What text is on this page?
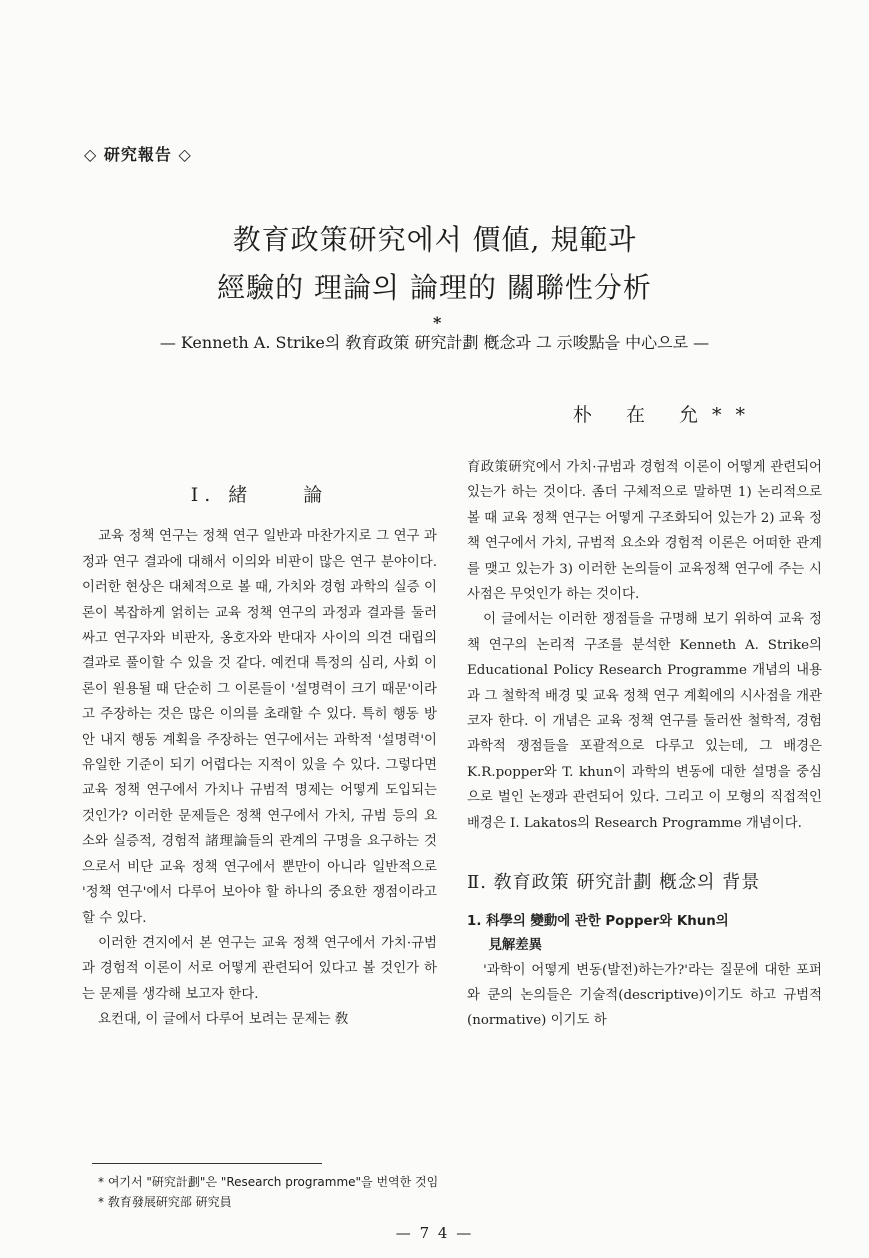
◇ 研究報告 ◇
教育政策研究에서 價値, 規範과
經驗的 理論의 論理的 關聯性分析
*
— Kenneth A. Strike의 敎育政策 硏究計劃 槪念과 그 示唆點을 中心으로 —
朴 在 允**
I. 緒　　論

교육 정책 연구는 정책 연구 일반과 마찬가지로 그 연구 과정과 연구 결과에 대해서 이의와 비판이 많은 연구 분야이다. 이러한 현상은 대체적으로 볼 때, 가치와 경험 과학의 실증 이론이 복잡하게 얽히는 교육 정책 연구의 과정과 결과를 둘러싸고 연구자와 비판자, 옹호자와 반대자 사이의 의견 대립의 결과로 풀이할 수 있을 것 같다. 예컨대 특정의 심리, 사회 이론이 원용될 때 단순히 그 이론들이 '설명력이 크기 때문'이라고 주장하는 것은 많은 이의를 초래할 수 있다. 특히 행동 방안 내지 행동 계획을 주장하는 연구에서는 과학적 '설명력'이 유일한 기준이 되기 어렵다는 지적이 있을 수 있다. 그렇다면 교육 정책 연구에서 가치나 규범적 명제는 어떻게 도입되는 것인가? 이러한 문제들은 정책 연구에서 가치, 규범 등의 요소와 실증적, 경험적 諸理論들의 관계의 구명을 요구하는 것으로서 비단 교육 정책 연구에서 뿐만이 아니라 일반적으로 '정책 연구'에서 다루어 보아야 할 하나의 중요한 쟁점이라고 할 수 있다.

이러한 견지에서 본 연구는 교육 정책 연구에서 가치·규범과 경험적 이론이 서로 어떻게 관련되어 있다고 볼 것인가 하는 문제를 생각해 보고자 한다.

요컨대, 이 글에서 다루어 보려는 문제는 敎

育政策硏究에서 가치·규범과 경험적 이론이 어떻게 관련되어 있는가 하는 것이다. 좀더 구체적으로 말하면 1) 논리적으로 볼 때 교육 정책 연구는 어떻게 구조화되어 있는가 2) 교육 정책 연구에서 가치, 규범적 요소와 경험적 이론은 어떠한 관계를 맺고 있는가 3) 이러한 논의들이 교육정책 연구에 주는 시사점은 무엇인가 하는 것이다.

이 글에서는 이러한 쟁점들을 규명해 보기 위하여 교육 정책 연구의 논리적 구조를 분석한 Kenneth A. Strike의 Educational Policy Research Programme 개념의 내용과 그 철학적 배경 및 교육 정책 연구 계획에의 시사점을 개관코자 한다. 이 개념은 교육 정책 연구를 둘러싼 철학적, 경험 과학적 쟁점들을 포괄적으로 다루고 있는데, 그 배경은 K.R.popper와 T. khun이 과학의 변동에 대한 설명을 중심으로 벌인 논쟁과 관련되어 있다. 그리고 이 모형의 직접적인 배경은 I. Lakatos의 Research Programme 개념이다.

Ⅱ. 敎育政策 硏究計劃 槪念의 背景
1. 科學의 變動에 관한 Popper와 Khun의
見解差異

'과학이 어떻게 변동(발전)하는가?'라는 질문에 대한 포퍼와 쿤의 논의들은 기술적(descriptive)이기도 하고 규범적(normative) 이기도 하

* 여기서 "硏究計劃"은 "Research programme"을 번역한 것임
* 敎育發展硏究部 硏究員
— 7 4 —
